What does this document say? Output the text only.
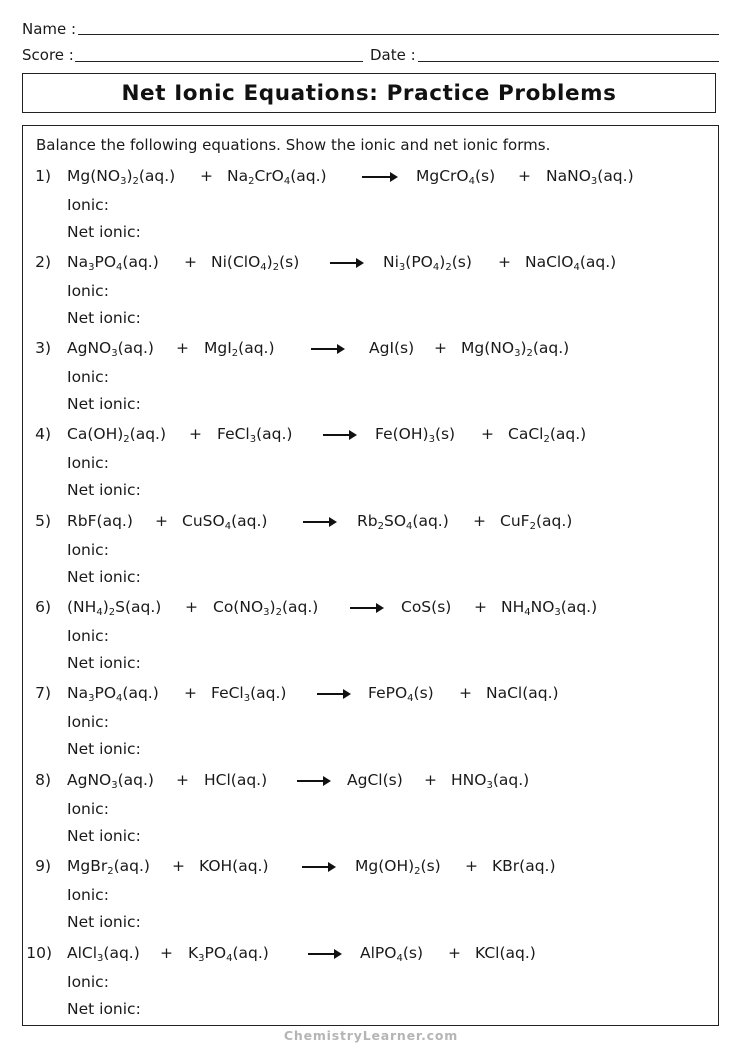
Name :
Score :	Date :
Net Ionic Equations: Practice Problems
Balance the following equations. Show the ionic and net ionic forms.
1) $Mg(NO_3)_2(aq.) + Na_2CrO_4(aq.)$ → MgCrO$_4$(s) + NaNO$_3$(aq.)
Ionic:
Net ionic:
2) $Na_3PO_4(aq.) + Ni(ClO_4)_2(s) \to Ni_3(PO_4)_2(s)$ + NaClO$_4$(aq.)
Ionic:
Net ionic:
3) AgNO$_3$(aq.) + MgI$_2$(aq.)	$AgI(s) + Mg(NO_3)_2(aq.)$
Ionic:
Net ionic:
4) $Ca(OH)_2(aq.)$ + FeCl$_3$(aq.) → $Fe(OH)_3(s)$ + CaCl$_2$(aq.)
Ionic:
Net ionic:
5) RbF(aq.) + CuSO$_4$(aq.) → $Rb_2SO_4(aq.) + CuF_2(aq.)$
Ionic:
Net ionic:
6) $(NH_4)_2S(aq.) + Co(NO_3)_2(aq.) \to CoS(s) + NH_4NO_3(aq.)$
Ionic:
Net ionic:
7) $Na_3PO_4(aq.)$ + FeCl$_3$(aq.) → FePO$_4$(s) + NaCl(aq.)
Ionic:
Net ionic:
8) AgNO$_3$(aq.) + HCl(aq.) → AgCl(s) + $HNO_3(aq.)$
Ionic:
Net ionic:
9) MgBr$_2$(aq.) + $KOH(aq.) \to Mg(OH)_2(s) + KBr(aq.)$
Ionic:
Net ionic:
10) AlCl$_3$(aq.) + $K_3PO_4(aq.)$ → AlPO$_4$(s) + KCl(aq.)
Ionic:
Net ionic:
ChemistryLearner.com
